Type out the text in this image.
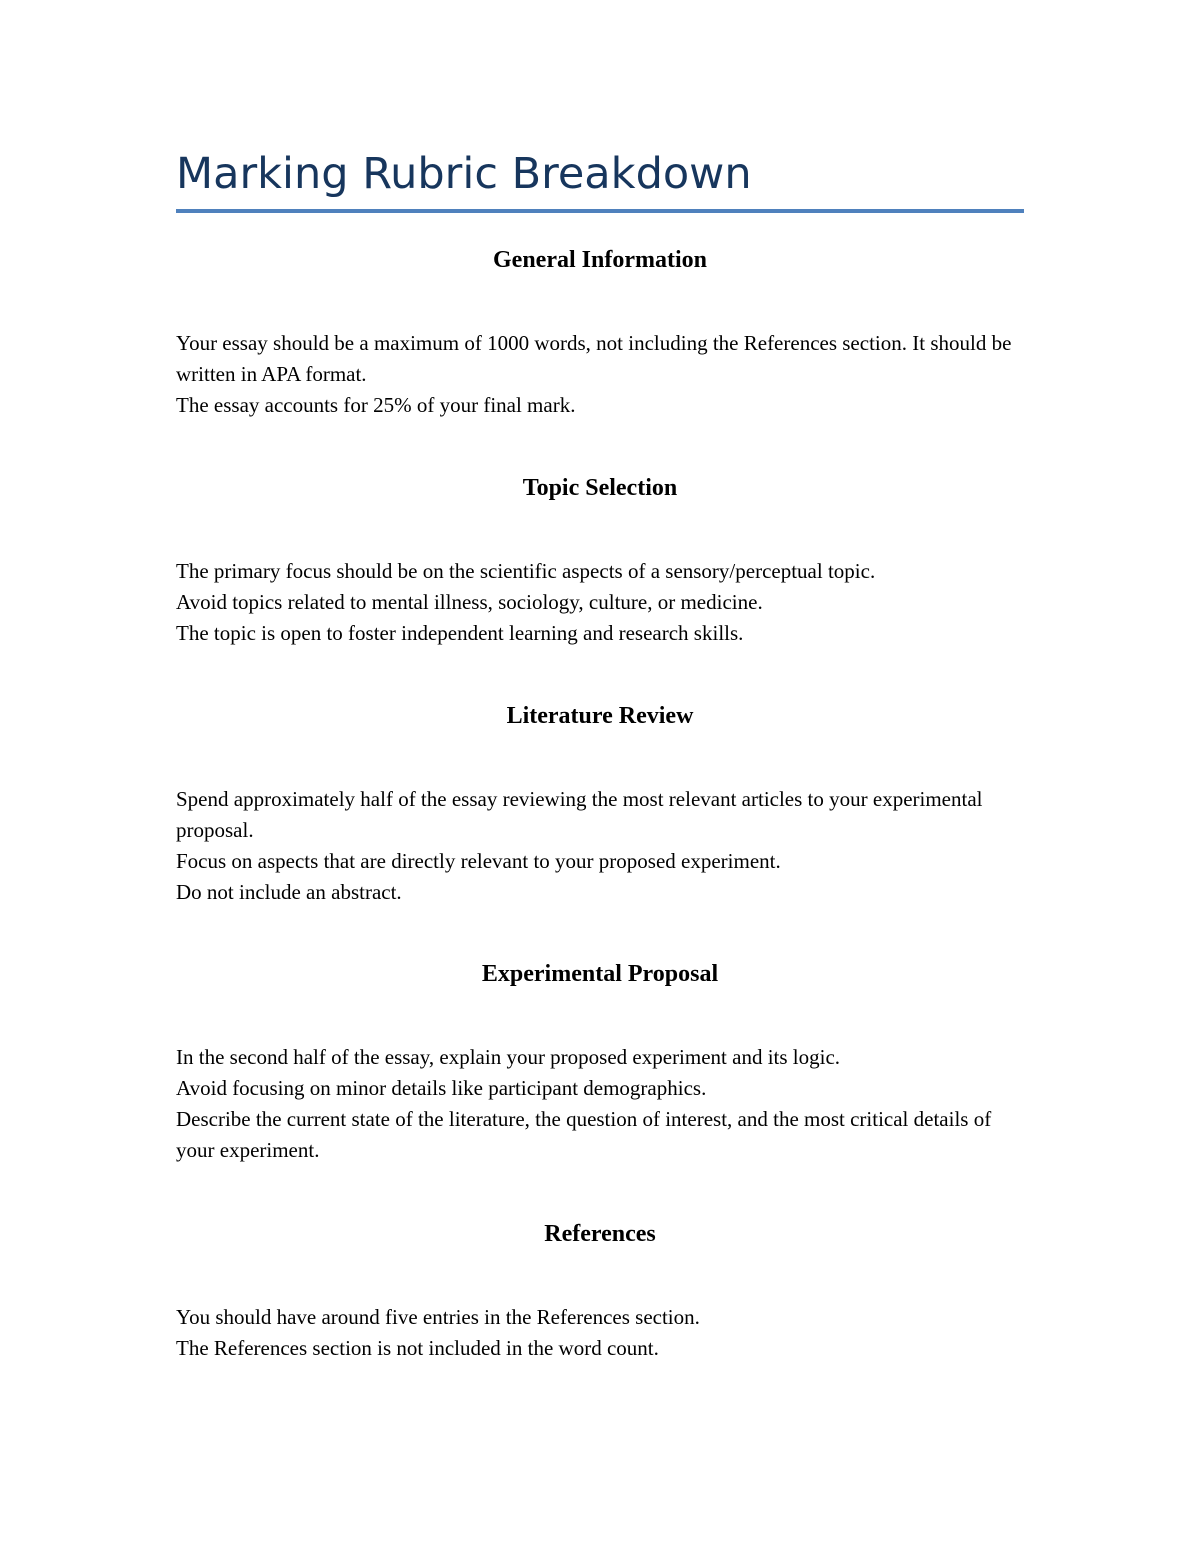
Marking Rubric Breakdown
General Information

Your essay should be a maximum of 1000 words, not including the References section. It should be written in APA format.

The essay accounts for 25% of your final mark.

Topic Selection

The primary focus should be on the scientific aspects of a sensory/perceptual topic.

Avoid topics related to mental illness, sociology, culture, or medicine.

The topic is open to foster independent learning and research skills.

Literature Review

Spend approximately half of the essay reviewing the most relevant articles to your experimental proposal.

Focus on aspects that are directly relevant to your proposed experiment.

Do not include an abstract.

Experimental Proposal

In the second half of the essay, explain your proposed experiment and its logic.

Avoid focusing on minor details like participant demographics.

Describe the current state of the literature, the question of interest, and the most critical details of your experiment.

References

You should have around five entries in the References section.

The References section is not included in the word count.
